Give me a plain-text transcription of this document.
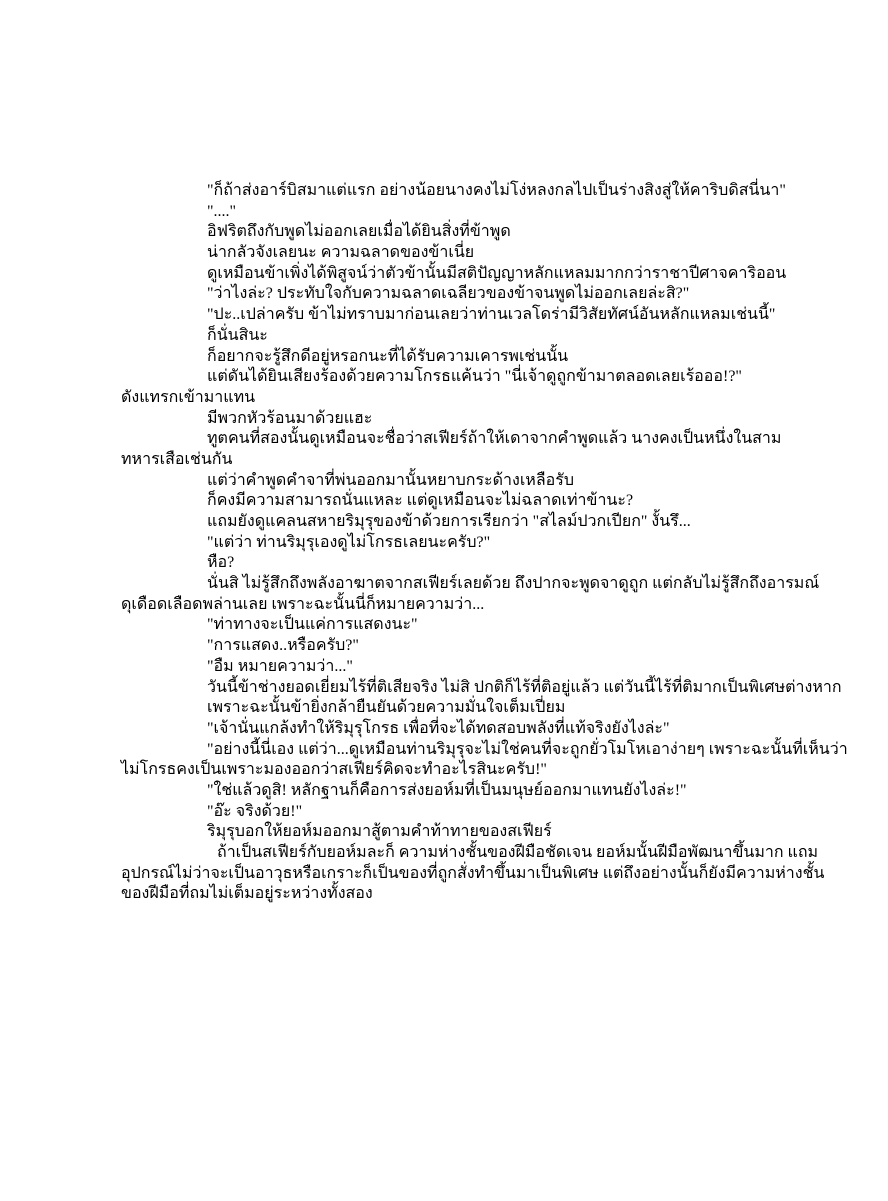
"ก็ถ้าส่งอาร์บิสมาแต่แรก อย่างน้อยนางคงไม่โง่หลงกลไปเป็นร่างสิงสู่ให้คาริบดิสนี่นา"
"...."
อิฟริตถึงกับพูดไม่ออกเลยเมื่อได้ยินสิ่งที่ข้าพูด
น่ากลัวจังเลยนะ ความฉลาดของข้าเนี่ย
ดูเหมือนข้าเพิ่งได้พิสูจน์ว่าตัวข้านั้นมีสติปัญญาหลักแหลมมากกว่าราชาปีศาจคาริออน
"ว่าไงล่ะ? ประทับใจกับความฉลาดเฉลียวของข้าจนพูดไม่ออกเลยล่ะสิ?"
"ปะ..เปล่าครับ ข้าไม่ทราบมาก่อนเลยว่าท่านเวลโดร่ามีวิสัยทัศน์อันหลักแหลมเช่นนี้"
ก็นั่นสินะ
ก็อยากจะรู้สึกดีอยู่หรอกนะที่ได้รับความเคารพเช่นนั้น
แต่ดันได้ยินเสียงร้องด้วยความโกรธแค้นว่า "นี่เจ้าดูถูกข้ามาตลอดเลยเร้อออ!?"
ดังแทรกเข้ามาแทน
มีพวกหัวร้อนมาด้วยแฮะ
ทูตคนที่สองนั้นดูเหมือนจะชื่อว่าสเฟียร์ถ้าให้เดาจากคำพูดแล้ว นางคงเป็นหนึ่งในสาม
ทหารเสือเช่นกัน
แต่ว่าคำพูดคำจาที่พ่นออกมานั้นหยาบกระด้างเหลือรับ
ก็คงมีความสามารถนั่นแหละ แต่ดูเหมือนจะไม่ฉลาดเท่าข้านะ?
แถมยังดูแคลนสหายริมุรุของข้าด้วยการเรียกว่า "สไลม์ปวกเปียก" งั้นรึ...
"แต่ว่า ท่านริมุรุเองดูไม่โกรธเลยนะครับ?"
หือ?
นั่นสิ ไม่รู้สึกถึงพลังอาฆาตจากสเฟียร์เลยด้วย ถึงปากจะพูดจาดูถูก แต่กลับไม่รู้สึกถึงอารมณ์
ดุเดือดเลือดพล่านเลย เพราะฉะนั้นนี่ก็หมายความว่า...
"ท่าทางจะเป็นแค่การแสดงนะ"
"การแสดง..หรือครับ?"
"อืม หมายความว่า..."
วันนี้ข้าช่างยอดเยี่ยมไร้ที่ติเสียจริง ไม่สิ ปกติก็ไร้ที่ติอยู่แล้ว แต่วันนี้ไร้ที่ติมากเป็นพิเศษต่างหาก
เพราะฉะนั้นข้ายิ่งกล้ายืนยันด้วยความมั่นใจเต็มเปี่ยม
"เจ้านั่นแกล้งทำให้ริมุรุโกรธ เพื่อที่จะได้ทดสอบพลังที่แท้จริงยังไงล่ะ"
"อย่างนี้นี่เอง แต่ว่า...ดูเหมือนท่านริมุรุจะไม่ใช่คนที่จะถูกยั่วโมโหเอาง่ายๆ เพราะฉะนั้นที่เห็นว่า
ไม่โกรธคงเป็นเพราะมองออกว่าสเฟียร์คิดจะทำอะไรสินะครับ!"
"ใช่แล้วดูสิ! หลักฐานก็คือการส่งยอห์มที่เป็นมนุษย์ออกมาแทนยังไงล่ะ!"
"อ๊ะ จริงด้วย!"
ริมุรุบอกให้ยอห์มออกมาสู้ตามคำท้าทายของสเฟียร์
ถ้าเป็นสเฟียร์กับยอห์มละก็ ความห่างชั้นของฝีมือชัดเจน ยอห์มนั้นฝีมือพัฒนาขึ้นมาก แถม
อุปกรณ์ไม่ว่าจะเป็นอาวุธหรือเกราะก็เป็นของที่ถูกสั่งทำขึ้นมาเป็นพิเศษ แต่ถึงอย่างนั้นก็ยังมีความห่างชั้น
ของฝีมือที่ถมไม่เต็มอยู่ระหว่างทั้งสอง
